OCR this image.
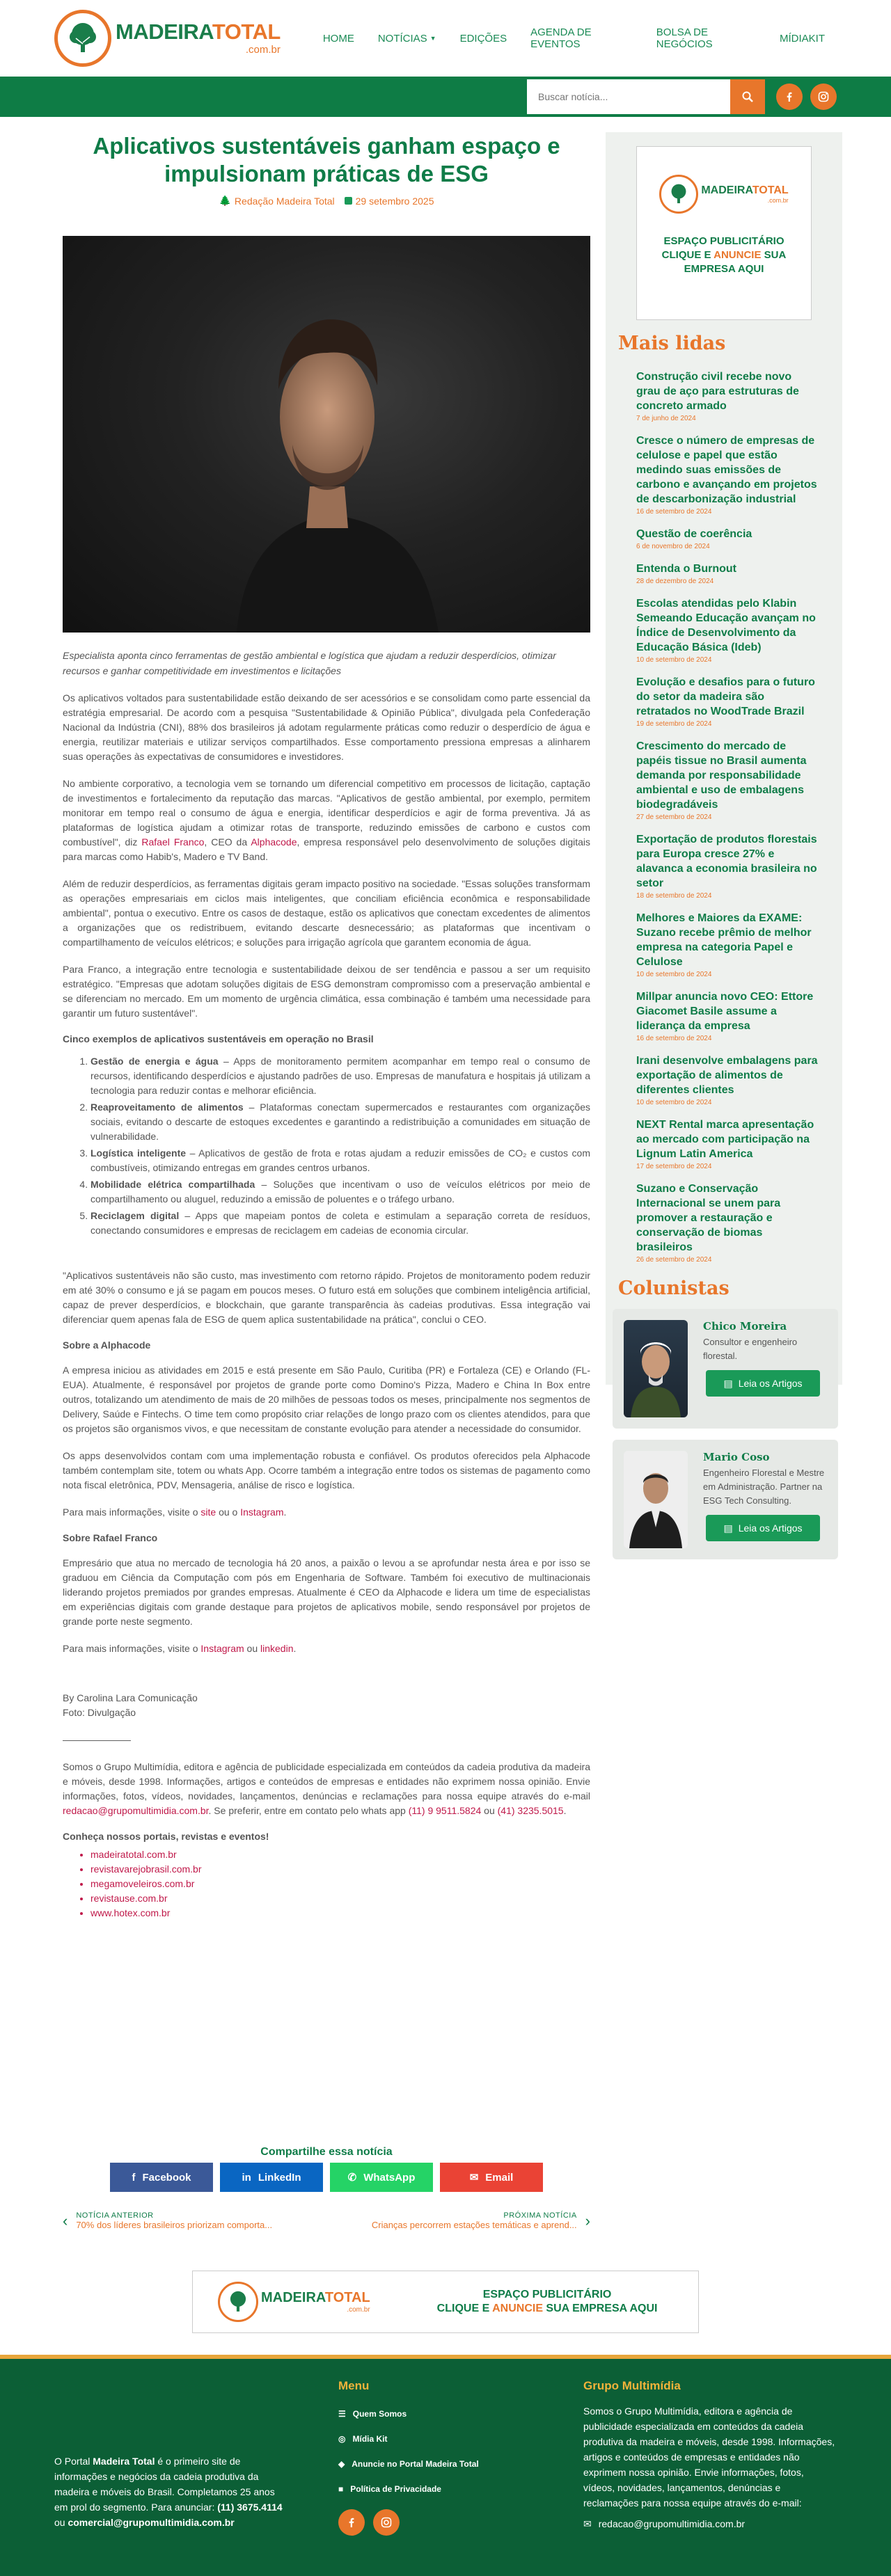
MADEIRATOTAL
.com.br
HOME	NOTÍCIAS ▼	EDIÇÕES	AGENDA DE EVENTOS
BOLSA DE NEGÓCIOS	MÍDIAKIT
Buscar notícia...
Aplicativos sustentáveis ganham espaço e impulsionam práticas de ESG
🌲 Redação Madeira Total 29 setembro 2025

Especialista aponta cinco ferramentas de gestão ambiental e logística que ajudam a reduzir desperdícios, otimizar recursos e ganhar competitividade em investimentos e licitações

Os aplicativos voltados para sustentabilidade estão deixando de ser acessórios e se consolidam como parte essencial da estratégia empresarial. De acordo com a pesquisa "Sustentabilidade & Opinião Pública", divulgada pela Confederação Nacional da Indústria (CNI), 88% dos brasileiros já adotam regularmente práticas como reduzir o desperdício de água e energia, reutilizar materiais e utilizar serviços compartilhados. Esse comportamento pressiona empresas a alinharem suas operações às expectativas de consumidores e investidores.

No ambiente corporativo, a tecnologia vem se tornando um diferencial competitivo em processos de licitação, captação de investimentos e fortalecimento da reputação das marcas. "Aplicativos de gestão ambiental, por exemplo, permitem monitorar em tempo real o consumo de água e energia, identificar desperdícios e agir de forma preventiva. Já as plataformas de logística ajudam a otimizar rotas de transporte, reduzindo emissões de carbono e custos com combustível", diz Rafael Franco, CEO da Alphacode, empresa responsável pelo desenvolvimento de soluções digitais para marcas como Habib's, Madero e TV Band.

Além de reduzir desperdícios, as ferramentas digitais geram impacto positivo na sociedade. "Essas soluções transformam as operações empresariais em ciclos mais inteligentes, que conciliam eficiência econômica e responsabilidade ambiental", pontua o executivo. Entre os casos de destaque, estão os aplicativos que conectam excedentes de alimentos a organizações que os redistribuem, evitando descarte desnecessário; as plataformas que incentivam o compartilhamento de veículos elétricos; e soluções para irrigação agrícola que garantem economia de água.

Para Franco, a integração entre tecnologia e sustentabilidade deixou de ser tendência e passou a ser um requisito estratégico. "Empresas que adotam soluções digitais de ESG demonstram compromisso com a preservação ambiental e se diferenciam no mercado. Em um momento de urgência climática, essa combinação é também uma necessidade para garantir um futuro sustentável".

Cinco exemplos de aplicativos sustentáveis em operação no Brasil
1. Gestão de energia e água – Apps de monitoramento permitem acompanhar em tempo real o consumo de recursos, identificando desperdícios e ajustando padrões de uso. Empresas de manufatura e hospitais já utilizam a tecnologia para reduzir contas e melhorar eficiência.
2. Reaproveitamento de alimentos – Plataformas conectam supermercados e restaurantes com organizações sociais, evitando o descarte de estoques excedentes e garantindo a redistribuição a comunidades em situação de vulnerabilidade.
3. Logística inteligente – Aplicativos de gestão de frota e rotas ajudam a reduzir emissões de CO₂ e custos com combustíveis, otimizando entregas em grandes centros urbanos.
4. Mobilidade elétrica compartilhada – Soluções que incentivam o uso de veículos elétricos por meio de compartilhamento ou aluguel, reduzindo a emissão de poluentes e o tráfego urbano.
5. Reciclagem digital – Apps que mapeiam pontos de coleta e estimulam a separação correta de resíduos, conectando consumidores e empresas de reciclagem em cadeias de economia circular.

"Aplicativos sustentáveis não são custo, mas investimento com retorno rápido. Projetos de monitoramento podem reduzir em até 30% o consumo e já se pagam em poucos meses. O futuro está em soluções que combinem inteligência artificial, capaz de prever desperdícios, e blockchain, que garante transparência às cadeias produtivas. Essa integração vai diferenciar quem apenas fala de ESG de quem aplica sustentabilidade na prática", conclui o CEO.

Sobre a Alphacode

A empresa iniciou as atividades em 2015 e está presente em São Paulo, Curitiba (PR) e Fortaleza (CE) e Orlando (FL-EUA). Atualmente, é responsável por projetos de grande porte como Domino's Pizza, Madero e China In Box entre outros, totalizando um atendimento de mais de 20 milhões de pessoas todos os meses, principalmente nos segmentos de Delivery, Saúde e Fintechs. O time tem como propósito criar relações de longo prazo com os clientes atendidos, para que os projetos são organismos vivos, e que necessitam de constante evolução para atender a necessidade do consumidor.

Os apps desenvolvidos contam com uma implementação robusta e confiável. Os produtos oferecidos pela Alphacode também contemplam site, totem ou whats App. Ocorre também a integração entre todos os sistemas de pagamento como nota fiscal eletrônica, PDV, Mensageria, análise de risco e logística.

Para mais informações, visite o site ou o Instagram.

Sobre Rafael Franco

Empresário que atua no mercado de tecnologia há 20 anos, a paixão o levou a se aprofundar nesta área e por isso se graduou em Ciência da Computação com pós em Engenharia de Software. Também foi executivo de multinacionais liderando projetos premiados por grandes empresas. Atualmente é CEO da Alphacode e lidera um time de especialistas em experiências digitais com grande destaque para projetos de aplicativos mobile, sendo responsável por projetos de grande porte neste segmento.

Para mais informações, visite o Instagram ou linkedin.

By Carolina Lara Comunicação
Foto: Divulgação

———————

Somos o Grupo Multimídia, editora e agência de publicidade especializada em conteúdos da cadeia produtiva da madeira e móveis, desde 1998. Informações, artigos e conteúdos de empresas e entidades não exprimem nossa opinião. Envie informações, fotos, vídeos, novidades, lançamentos, denúncias e reclamações para nossa equipe através do e-mail redacao@grupomultimidia.com.br. Se preferir, entre em contato pelo whats app (11) 9 9511.5824 ou (41) 3235.5015.

Conheça nossos portais, revistas e eventos!
• madeiratotal.com.br
• revistavarejobrasil.com.br
• megamoveleiros.com.br
• revistause.com.br
• www.hotex.com.br
Compartilhe essa notícia
f Facebook	in LinkedIn	✆ WhatsApp	✉ Email
‹ NOTÍCIA ANTERIOR
70% dos líderes brasileiros priorizam comporta...
PRÓXIMA NOTÍCIA
Crianças percorrem estações temáticas e aprend... ›
MADEIRATOTAL
.com.br
ESPAÇO PUBLICITÁRIO
CLIQUE E ANUNCIE SUA
EMPRESA AQUI
Mais lidas
Construção civil recebe novo grau de aço para estruturas de concreto armado
7 de junho de 2024
Cresce o número de empresas de celulose e papel que estão medindo suas emissões de carbono e avançando em projetos de descarbonização industrial
16 de setembro de 2024
Questão de coerência
6 de novembro de 2024
Entenda o Burnout
28 de dezembro de 2024
Escolas atendidas pelo Klabin Semeando Educação avançam no Índice de Desenvolvimento da Educação Básica (Ideb)
10 de setembro de 2024
Evolução e desafios para o futuro do setor da madeira são retratados no WoodTrade Brazil
19 de setembro de 2024
Crescimento do mercado de papéis tissue no Brasil aumenta demanda por responsabilidade ambiental e uso de embalagens biodegradáveis
27 de setembro de 2024
Exportação de produtos florestais para Europa cresce 27% e alavanca a economia brasileira no setor
18 de setembro de 2024
Melhores e Maiores da EXAME: Suzano recebe prêmio de melhor empresa na categoria Papel e Celulose
10 de setembro de 2024
Millpar anuncia novo CEO: Ettore Giacomet Basile assume a liderança da empresa
16 de setembro de 2024
Irani desenvolve embalagens para exportação de alimentos de diferentes clientes
10 de setembro de 2024
NEXT Rental marca apresentação ao mercado com participação na Lignum Latin America
17 de setembro de 2024
Suzano e Conservação Internacional se unem para promover a restauração e conservação de biomas brasileiros
26 de setembro de 2024
Colunistas
Chico Moreira
Consultor e engenheiro florestal.
▤ Leia os Artigos
Mario Coso
Engenheiro Florestal e Mestre em Administração. Partner na ESG Tech Consulting.
▤ Leia os Artigos
MADEIRATOTAL
.com.br
ESPAÇO PUBLICITÁRIO
CLIQUE E ANUNCIE SUA EMPRESA AQUI
O Portal Madeira Total é o primeiro site de informações e negócios da cadeia produtiva da madeira e móveis do Brasil. Completamos 25 anos em prol do segmento. Para anunciar: (11) 3675.4114 ou comercial@grupomultimidia.com.br
Menu
☰ Quem Somos
◎ Mídia Kit
◆ Anuncie no Portal Madeira Total
■ Política de Privacidade
Grupo Multimídia
Somos o Grupo Multimídia, editora e agência de publicidade especializada em conteúdos da cadeia produtiva da madeira e móveis, desde 1998. Informações, artigos e conteúdos de empresas e entidades não exprimem nossa opinião. Envie informações, fotos, vídeos, novidades, lançamentos, denúncias e reclamações para nossa equipe através do e-mail:
✉ redacao@grupomultimidia.com.br
